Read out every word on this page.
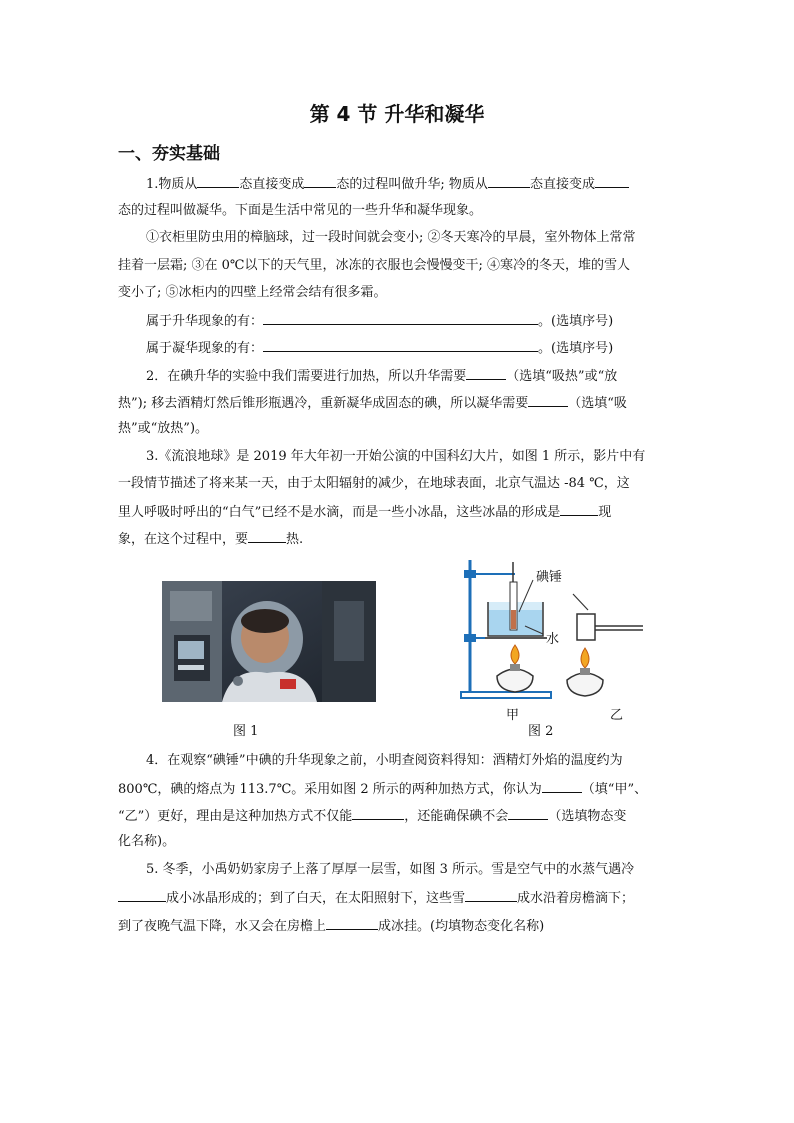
第 4 节 升华和凝华
一、夯实基础
1.物质从	态直接变成 态的过程叫做升华; 物质从	态直接变成
态的过程叫做凝华。下面是生活中常见的一些升华和凝华现象。
①衣柜里防虫用的樟脑球，过一段时间就会变小; ②冬天寒冷的早晨，室外物体上常常
挂着一层霜; ③在 0℃以下的天气里，冰冻的衣服也会慢慢变干; ④寒冷的冬天，堆的雪人
变小了; ⑤冰柜内的四壁上经常会结有很多霜。
属于升华现象的有：	。(选填序号)
属于凝华现象的有：	。(选填序号)
2．在碘升华的实验中我们需要进行加热，所以升华需要	（选填“吸热”或“放
热”); 移去酒精灯然后锥形瓶遇冷，重新凝华成固态的碘，所以凝华需要	（选填“吸
热”或“放热”)。
3.《流浪地球》是 2019 年大年初一开始公演的中国科幻大片，如图 1 所示，影片中有
一段情节描述了将来某一天，由于太阳辐射的减少，在地球表面，北京气温达 -84 ℃，这
里人呼吸时呼出的“白气”已经不是水滴，而是一些小冰晶，这些冰晶的形成是	现
象，在这个过程中，要	热.
图 1
碘锤
水
甲	乙
图 2
4．在观察“碘锤”中碘的升华现象之前，小明查阅资料得知：酒精灯外焰的温度约为
800℃，碘的熔点为 113.7℃。采用如图 2 所示的两种加热方式，你认为	（填“甲”、
“乙”）更好，理由是这种加热方式不仅能	，还能确保碘不会	（选填物态变
化名称)。
5. 冬季，小禹奶奶家房子上落了厚厚一层雪，如图 3 所示。雪是空气中的水蒸气遇冷
成小冰晶形成的；到了白天，在太阳照射下，这些雪	成水沿着房檐滴下；
到了夜晚气温下降，水又会在房檐上	成冰挂。(均填物态变化名称)
